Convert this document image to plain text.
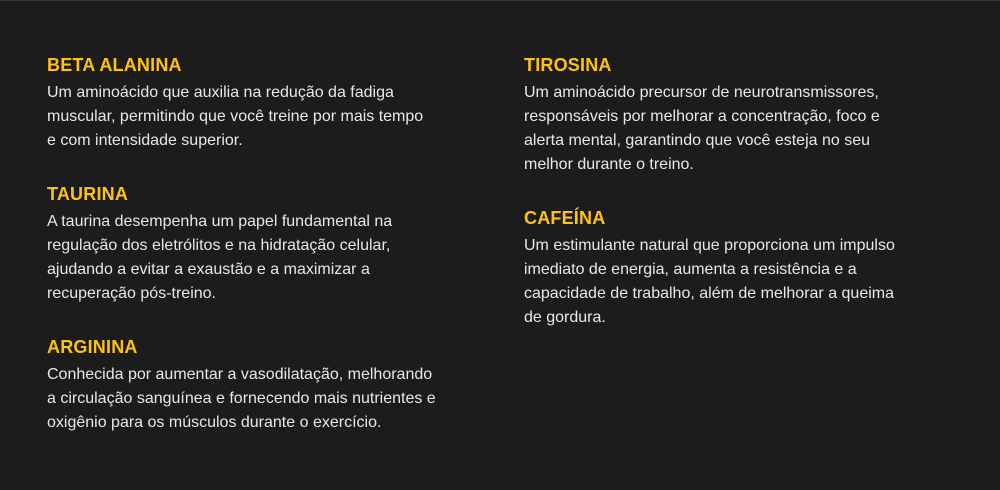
BETA ALANINA

Um aminoácido que auxilia na redução da fadiga
muscular, permitindo que você treine por mais tempo
e com intensidade superior.

TAURINA

A taurina desempenha um papel fundamental na
regulação dos eletrólitos e na hidratação celular,
ajudando a evitar a exaustão e a maximizar a
recuperação pós-treino.

ARGININA

Conhecida por aumentar a vasodilatação, melhorando
a circulação sanguínea e fornecendo mais nutrientes e
oxigênio para os músculos durante o exercício.

TIROSINA

Um aminoácido precursor de neurotransmissores,
responsáveis por melhorar a concentração, foco e
alerta mental, garantindo que você esteja no seu
melhor durante o treino.

CAFEÍNA

Um estimulante natural que proporciona um impulso
imediato de energia, aumenta a resistência e a
capacidade de trabalho, além de melhorar a queima
de gordura.
